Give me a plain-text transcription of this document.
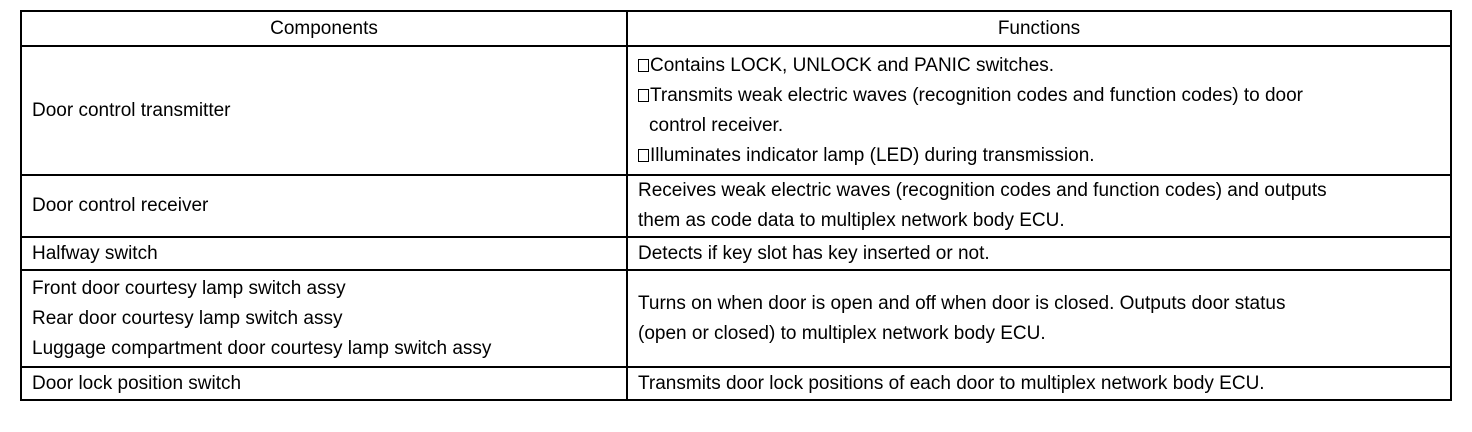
Components	Functions

Door control transmitter	Contains LOCK, UNLOCK and PANIC switches.
Transmits weak electric waves (recognition codes and function codes) to door
control receiver.
Illuminates indicator lamp (LED) during transmission.

Door control receiver	Receives weak electric waves (recognition codes and function codes) and outputs
them as code data to multiplex network body ECU.

Halfway switch	Detects if key slot has key inserted or not.

Front door courtesy lamp switch assy
Rear door courtesy lamp switch assy
Luggage compartment door courtesy lamp switch assy	Turns on when door is open and off when door is closed. Outputs door status
(open or closed) to multiplex network body ECU.

Door lock position switch	Transmits door lock positions of each door to multiplex network body ECU.
